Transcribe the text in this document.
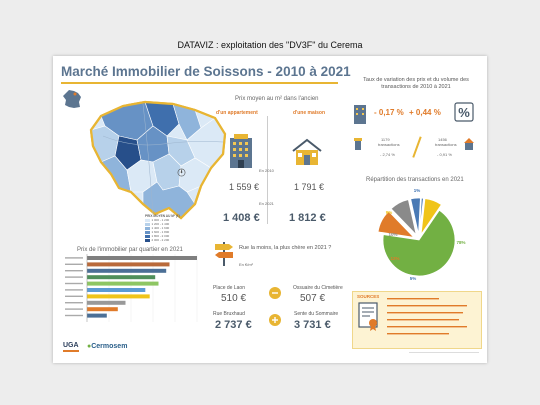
DATAVIZ : exploitation des "DV3F" du Cerema
Marché Immobilier de Soissons - 2010 à 2021
PRIX MOYEN AU M² (€)
1 000 - 1 200
1 200 - 1 400
1 400 - 1 600
1 600 - 1 800
1 800 - 2 000
2 000 - 2 200
Prix de l'immobilier par quartier en 2021
UGA ●Cermosem
Prix moyen au m² dans l'ancien
d'un appartement	d'une maison
En 2010
1 559 €	1 791 €
En 2021
1 408 €	1 812 €
Rue la moins, la plus chère en 2021 ?
En €/m²
Place de Laon
510 €
Ossuaire du Cimetière
507 €
Rue Bruxhaud
2 737 €
Sente du Sommaire
3 731 €
Taux de variation des prix et du volume des transactions de 2010 à 2021
- 0,17 % + 0,44 % %
1179
transactions
- 2,74 %
1456
transactions
- 0,91 %
Répartition des transactions en 2021
78%
12%
10%
5%
1%
9%
SOURCES
